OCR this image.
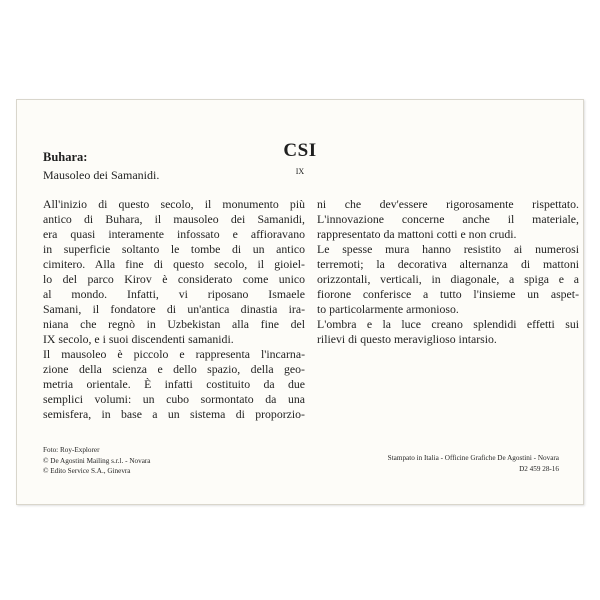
CSI
IX
Buhara:
Mausoleo dei Samanidi.
All'inizio di questo secolo, il monumento più
antico di Buhara, il mausoleo dei Samanidi,
era quasi interamente infossato e affioravano
in superficie soltanto le tombe di un antico
cimitero. Alla fine di questo secolo, il gioiel-
lo del parco Kirov è considerato come unico
al mondo. Infatti, vi riposano Ismaele
Samani, il fondatore di un'antica dinastia ira-
niana che regnò in Uzbekistan alla fine del
IX secolo, e i suoi discendenti samanidi.
Il mausoleo è piccolo e rappresenta l'incarna-
zione della scienza e dello spazio, della geo-
metria orientale. È infatti costituito da due
semplici volumi: un cubo sormontato da una
semisfera, in base a un sistema di proporzio-
ni che dev'essere rigorosamente rispettato.
L'innovazione concerne anche il materiale,
rappresentato da mattoni cotti e non crudi.
Le spesse mura hanno resistito ai numerosi
terremoti; la decorativa alternanza di mattoni
orizzontali, verticali, in diagonale, a spiga e a
fiorone conferisce a tutto l'insieme un aspet-
to particolarmente armonioso.
L'ombra e la luce creano splendidi effetti sui
rilievi di questo meraviglioso intarsio.
Foto: Roy-Explorer
© De Agostini Mailing s.r.l. - Novara
© Edito Service S.A., Ginevra
Stampato in Italia - Officine Grafiche De Agostini - Novara
D2 459 28-16
